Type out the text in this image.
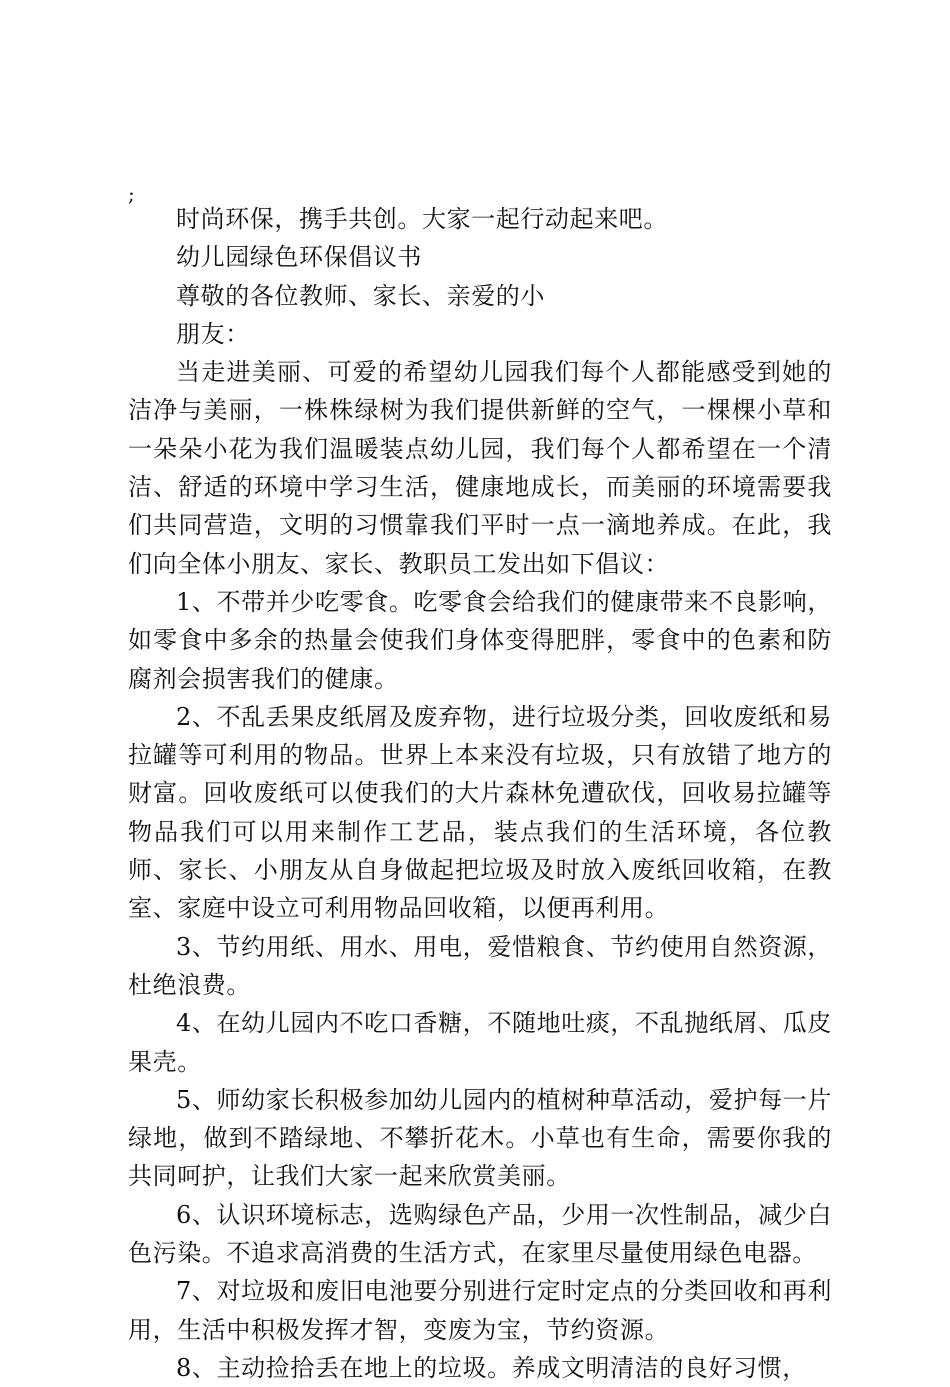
;

时尚环保，携手共创。大家一起行动起来吧。

幼儿园绿色环保倡议书

尊敬的各位教师、家长、亲爱的小

朋友：

当走进美丽、可爱的希望幼儿园我们每个人都能感受到她的洁净与美丽，一株株绿树为我们提供新鲜的空气，一棵棵小草和一朵朵小花为我们温暖装点幼儿园，我们每个人都希望在一个清洁、舒适的环境中学习生活，健康地成长，而美丽的环境需要我们共同营造，文明的习惯靠我们平时一点一滴地养成。在此，我们向全体小朋友、家长、教职员工发出如下倡议：

1、不带并少吃零食。吃零食会给我们的健康带来不良影响，如零食中多余的热量会使我们身体变得肥胖，零食中的色素和防腐剂会损害我们的健康。

2、不乱丢果皮纸屑及废弃物，进行垃圾分类，回收废纸和易拉罐等可利用的物品。世界上本来没有垃圾，只有放错了地方的财富。回收废纸可以使我们的大片森林免遭砍伐，回收易拉罐等物品我们可以用来制作工艺品，装点我们的生活环境，各位教师、家长、小朋友从自身做起把垃圾及时放入废纸回收箱，在教室、家庭中设立可利用物品回收箱，以便再利用。

3、节约用纸、用水、用电，爱惜粮食、节约使用自然资源，杜绝浪费。

4、在幼儿园内不吃口香糖，不随地吐痰，不乱抛纸屑、瓜皮果壳。

5、师幼家长积极参加幼儿园内的植树种草活动，爱护每一片绿地，做到不踏绿地、不攀折花木。小草也有生命，需要你我的共同呵护，让我们大家一起来欣赏美丽。

6、认识环境标志，选购绿色产品，少用一次性制品，减少白色污染。不追求高消费的生活方式，在家里尽量使用绿色电器。

7、对垃圾和废旧电池要分别进行定时定点的分类回收和再利用，生活中积极发挥才智，变废为宝，节约资源。

8、主动捡拾丢在地上的垃圾。养成文明清洁的良好习惯，
